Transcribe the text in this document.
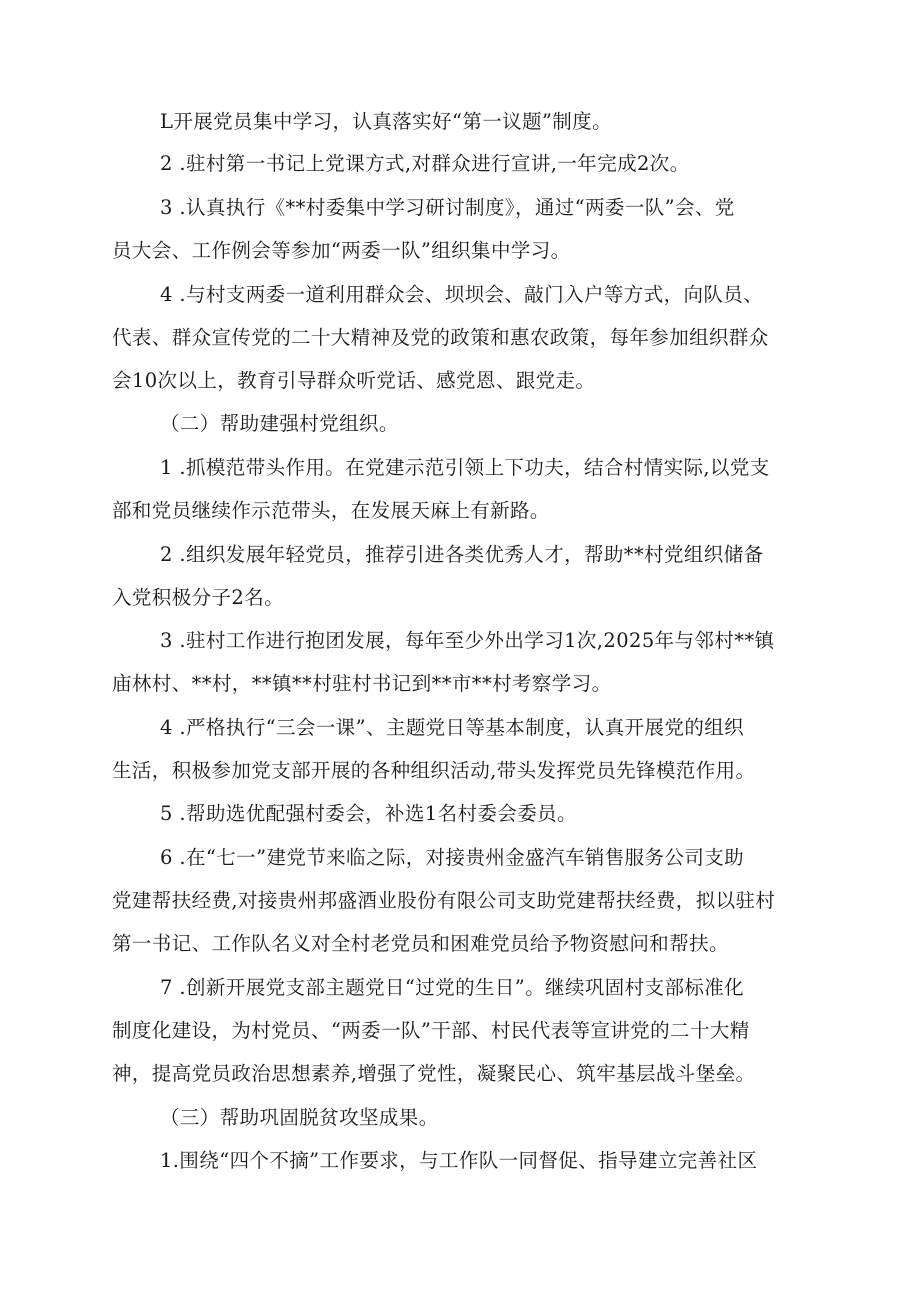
L开展党员集中学习，认真落实好“第一议题”制度。
2 .驻村第一书记上党课方式,对群众进行宣讲,一年完成2次。
3 .认真执行《**村委集中学习研讨制度》，通过“两委一队”会、党
员大会、工作例会等参加“两委一队”组织集中学习。
4 .与村支两委一道利用群众会、坝坝会、敲门入户等方式，向队员、
代表、群众宣传党的二十大精神及党的政策和惠农政策，每年参加组织群众
会10次以上，教育引导群众听党话、感党恩、跟党走。
（二）帮助建强村党组织。
1 .抓模范带头作用。在党建示范引领上下功夫，结合村情实际,以党支
部和党员继续作示范带头，在发展天麻上有新路。
2 .组织发展年轻党员，推荐引进各类优秀人才，帮助**村党组织储备
入党积极分子2名。
3 .驻村工作进行抱团发展，每年至少外出学习1次,2025年与邻村**镇
庙林村、**村，**镇**村驻村书记到**市**村考察学习。
4 .严格执行“三会一课”、主题党日等基本制度，认真开展党的组织
生活，积极参加党支部开展的各种组织活动,带头发挥党员先锋模范作用。
5 .帮助选优配强村委会，补选1名村委会委员。
6 .在“七一”建党节来临之际，对接贵州金盛汽车销售服务公司支助
党建帮扶经费,对接贵州邦盛酒业股份有限公司支助党建帮扶经费，拟以驻村
第一书记、工作队名义对全村老党员和困难党员给予物资慰问和帮扶。
7 .创新开展党支部主题党日“过党的生日”。继续巩固村支部标准化
制度化建设，为村党员、“两委一队”干部、村民代表等宣讲党的二十大精
神，提高党员政治思想素养,增强了党性，凝聚民心、筑牢基层战斗堡垒。
（三）帮助巩固脱贫攻坚成果。
1.围绕“四个不摘”工作要求，与工作队一同督促、指导建立完善社区
